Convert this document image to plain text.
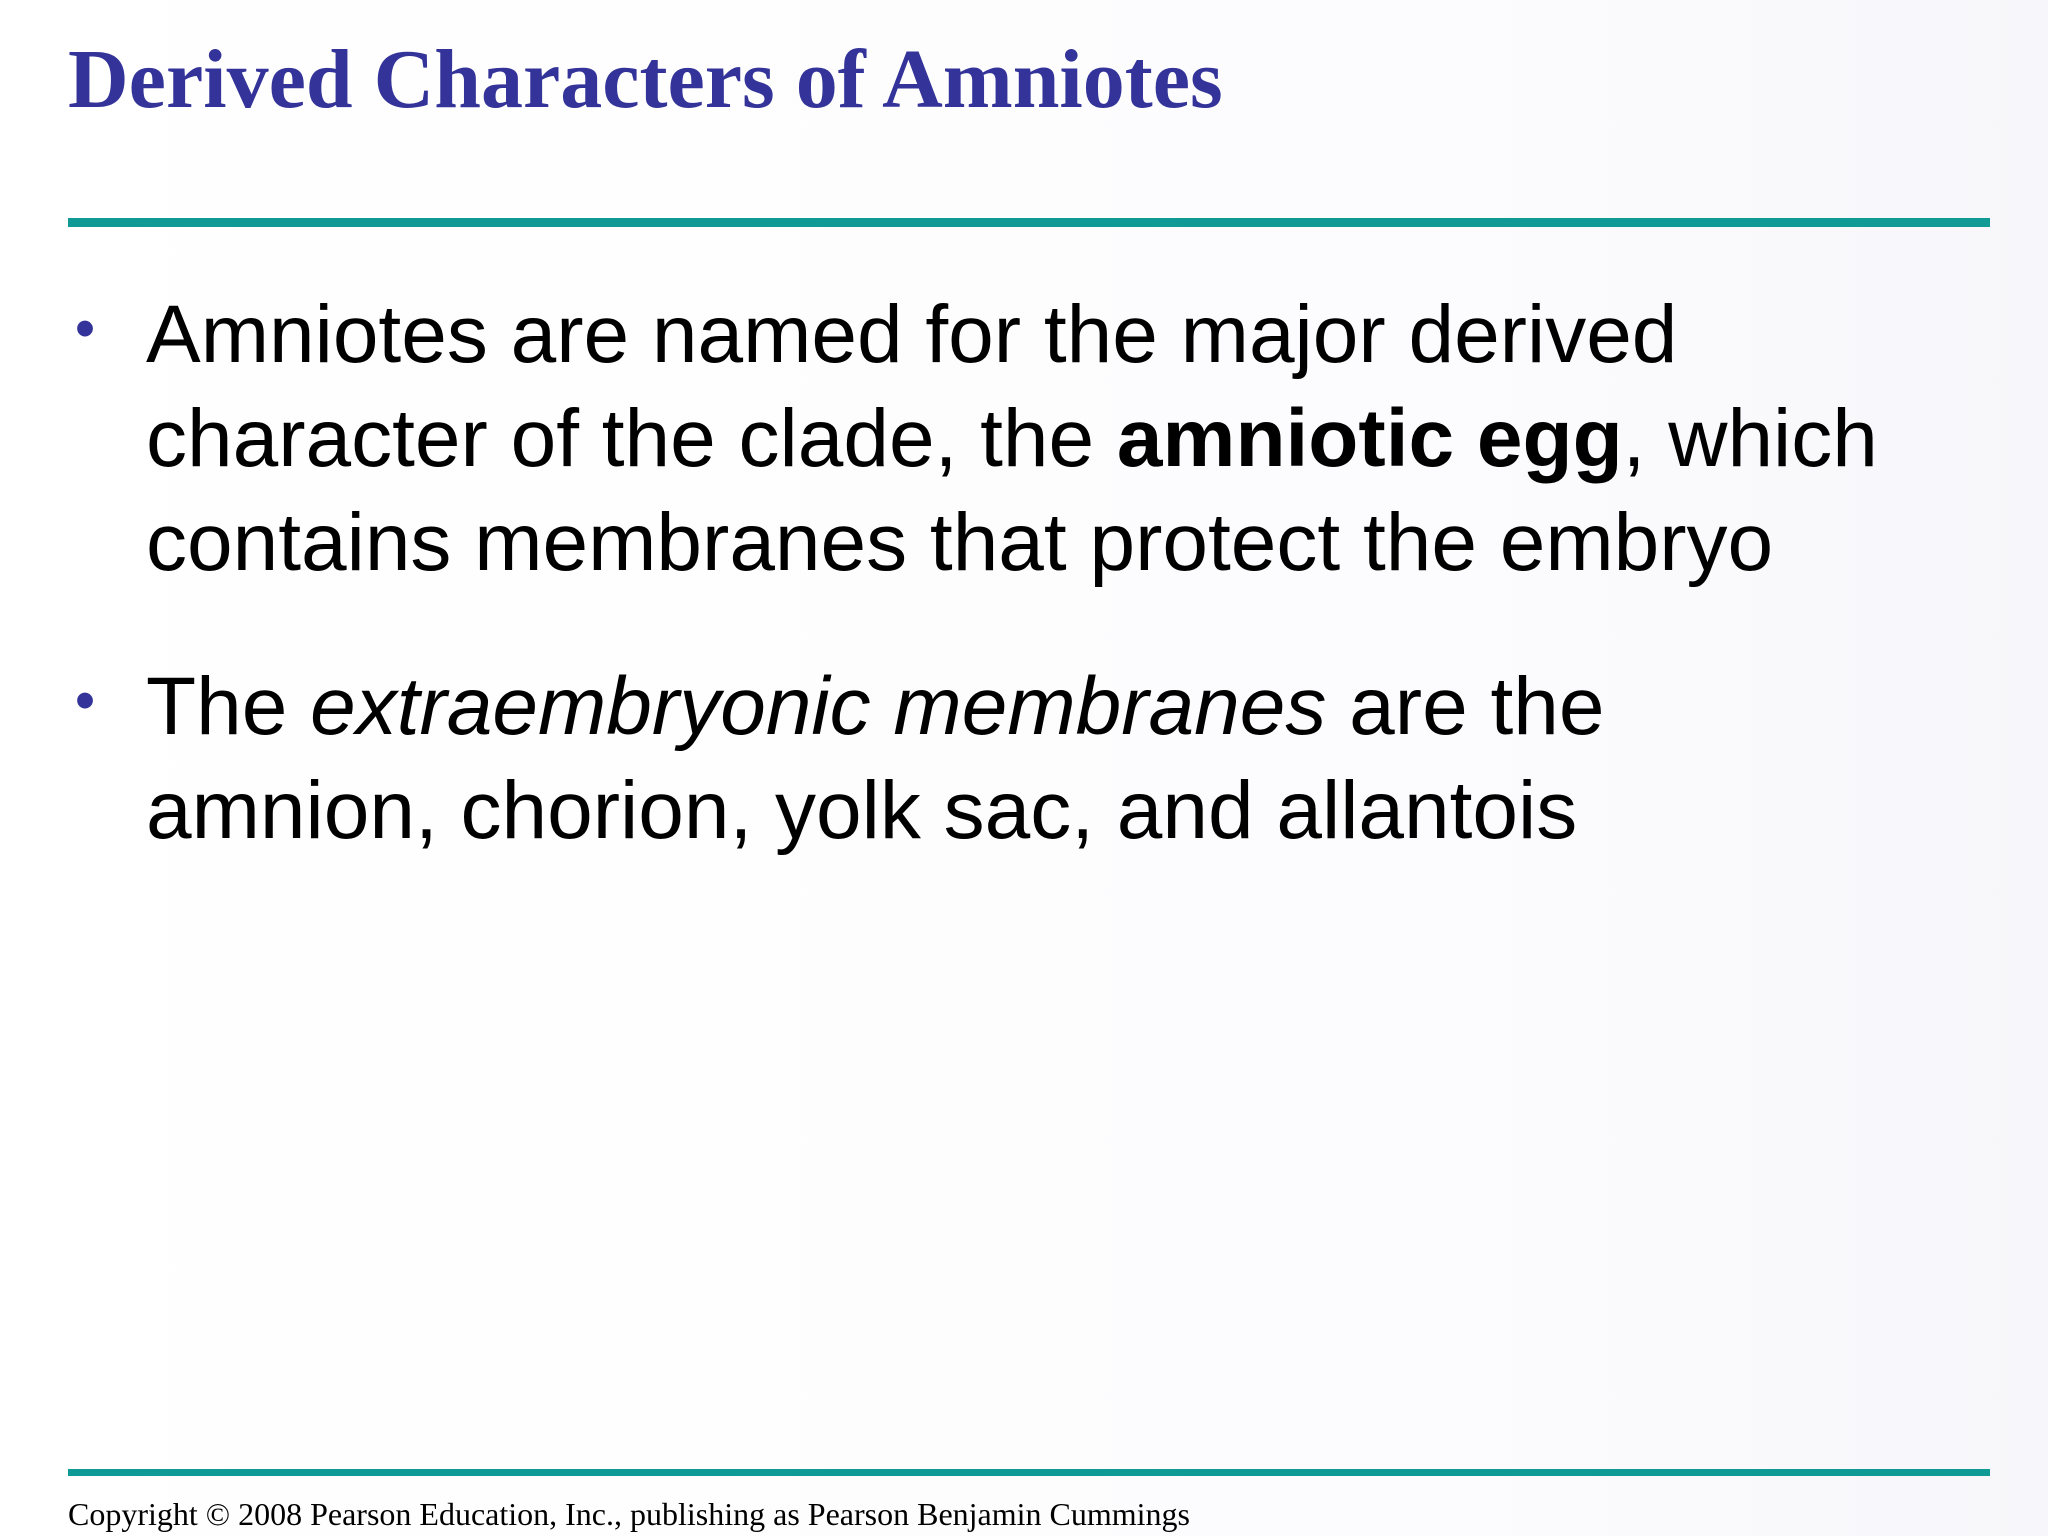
Derived Characters of Amniotes
• Amniotes are named for the major derived character of the clade, the amniotic egg, which contains membranes that protect the embryo
• The extraembryonic membranes are the amnion, chorion, yolk sac, and allantois

Copyright © 2008 Pearson Education, Inc., publishing as Pearson Benjamin Cummings
